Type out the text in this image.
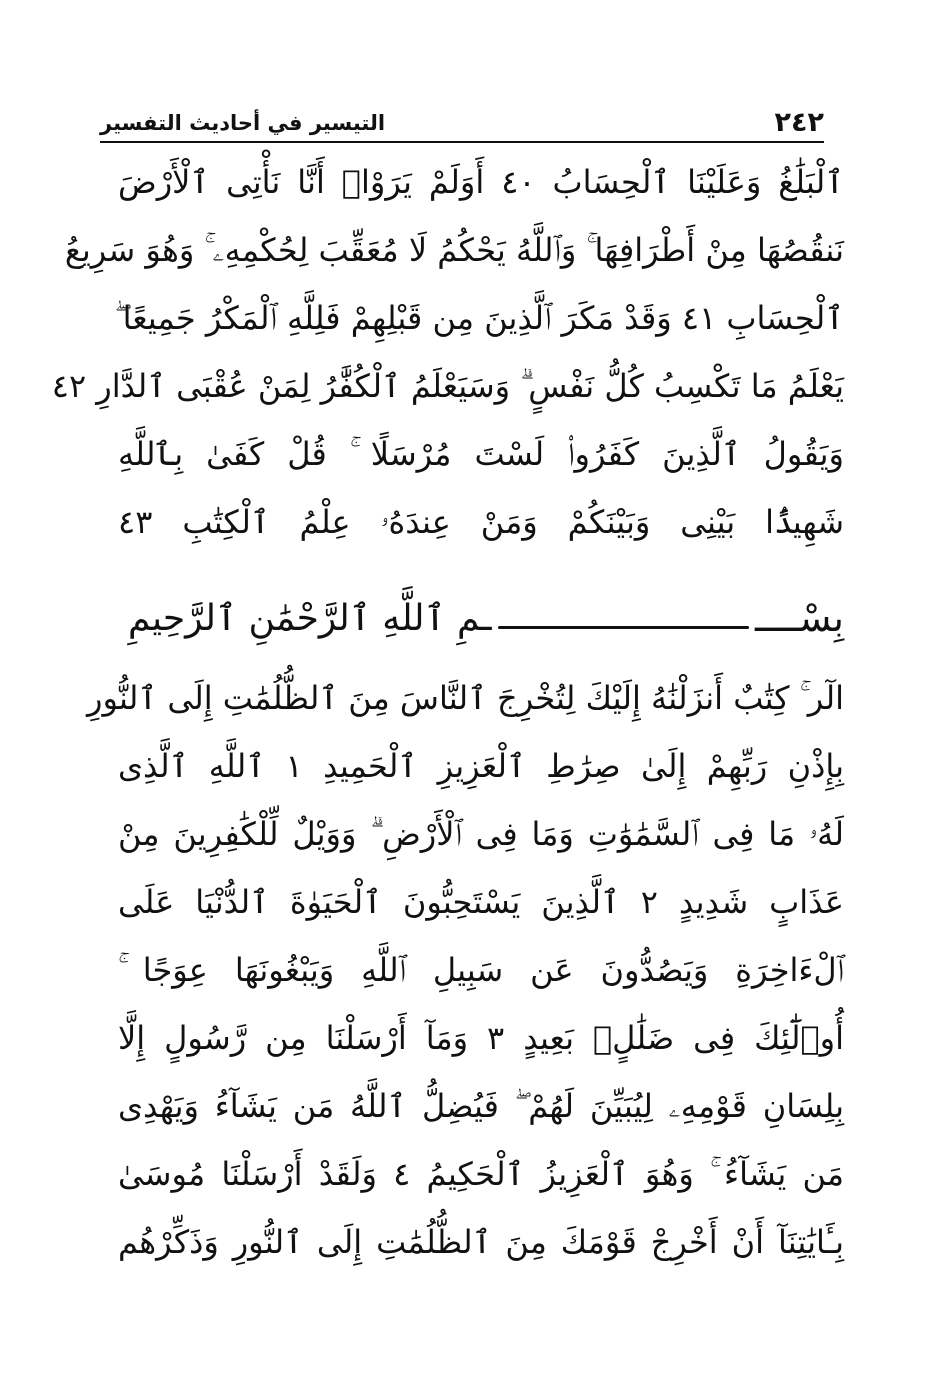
٢٤٢
التيسير في أحاديث التفسير
ٱلْبَلَٰغُ وَعَلَيْنَا ٱلْحِسَابُ ٤٠ أَوَلَمْ يَرَوْا۟ أَنَّا نَأْتِى ٱلْأَرْضَ
نَنقُصُهَا مِنْ أَطْرَافِهَا ۚ وَٱللَّهُ يَحْكُمُ لَا مُعَقِّبَ لِحُكْمِهِۦ ۚ وَهُوَ سَرِيعُ
ٱلْحِسَابِ ٤١ وَقَدْ مَكَرَ ٱلَّذِينَ مِن قَبْلِهِمْ فَلِلَّهِ ٱلْمَكْرُ جَمِيعًا ۖ
يَعْلَمُ مَا تَكْسِبُ كُلُّ نَفْسٍ ۗ وَسَيَعْلَمُ ٱلْكُفَّٰرُ لِمَنْ عُقْبَى ٱلدَّارِ ٤٢
وَيَقُولُ ٱلَّذِينَ كَفَرُوا۟ لَسْتَ مُرْسَلًا ۚ قُلْ كَفَىٰ بِٱللَّهِ
شَهِيدًۢا بَيْنِى وَبَيْنَكُمْ وَمَنْ عِندَهُۥ عِلْمُ ٱلْكِتَٰبِ ٤٣
بِسْــــ
ـمِ ٱللَّهِ ٱلرَّحْمَٰنِ ٱلرَّحِيمِ
الٓر ۚ كِتَٰبٌ أَنزَلْنَٰهُ إِلَيْكَ لِتُخْرِجَ ٱلنَّاسَ مِنَ ٱلظُّلُمَٰتِ إِلَى ٱلنُّورِ
بِإِذْنِ رَبِّهِمْ إِلَىٰ صِرَٰطِ ٱلْعَزِيزِ ٱلْحَمِيدِ ١ ٱللَّهِ ٱلَّذِى
لَهُۥ مَا فِى ٱلسَّمَٰوَٰتِ وَمَا فِى ٱلْأَرْضِ ۗ وَوَيْلٌ لِّلْكَٰفِرِينَ مِنْ
عَذَابٍ شَدِيدٍ ٢ ٱلَّذِينَ يَسْتَحِبُّونَ ٱلْحَيَوٰةَ ٱلدُّنْيَا عَلَى
ٱلْءَاخِرَةِ وَيَصُدُّونَ عَن سَبِيلِ ٱللَّهِ وَيَبْغُونَهَا عِوَجًا ۚ
أُو۟لَٰٓئِكَ فِى ضَلَٰلٍۭ بَعِيدٍ ٣ وَمَآ أَرْسَلْنَا مِن رَّسُولٍ إِلَّا
بِلِسَانِ قَوْمِهِۦ لِيُبَيِّنَ لَهُمْ ۖ فَيُضِلُّ ٱللَّهُ مَن يَشَآءُ وَيَهْدِى
مَن يَشَآءُ ۚ وَهُوَ ٱلْعَزِيزُ ٱلْحَكِيمُ ٤ وَلَقَدْ أَرْسَلْنَا مُوسَىٰ
بِـَٔايَٰتِنَآ أَنْ أَخْرِجْ قَوْمَكَ مِنَ ٱلظُّلُمَٰتِ إِلَى ٱلنُّورِ وَذَكِّرْهُم
